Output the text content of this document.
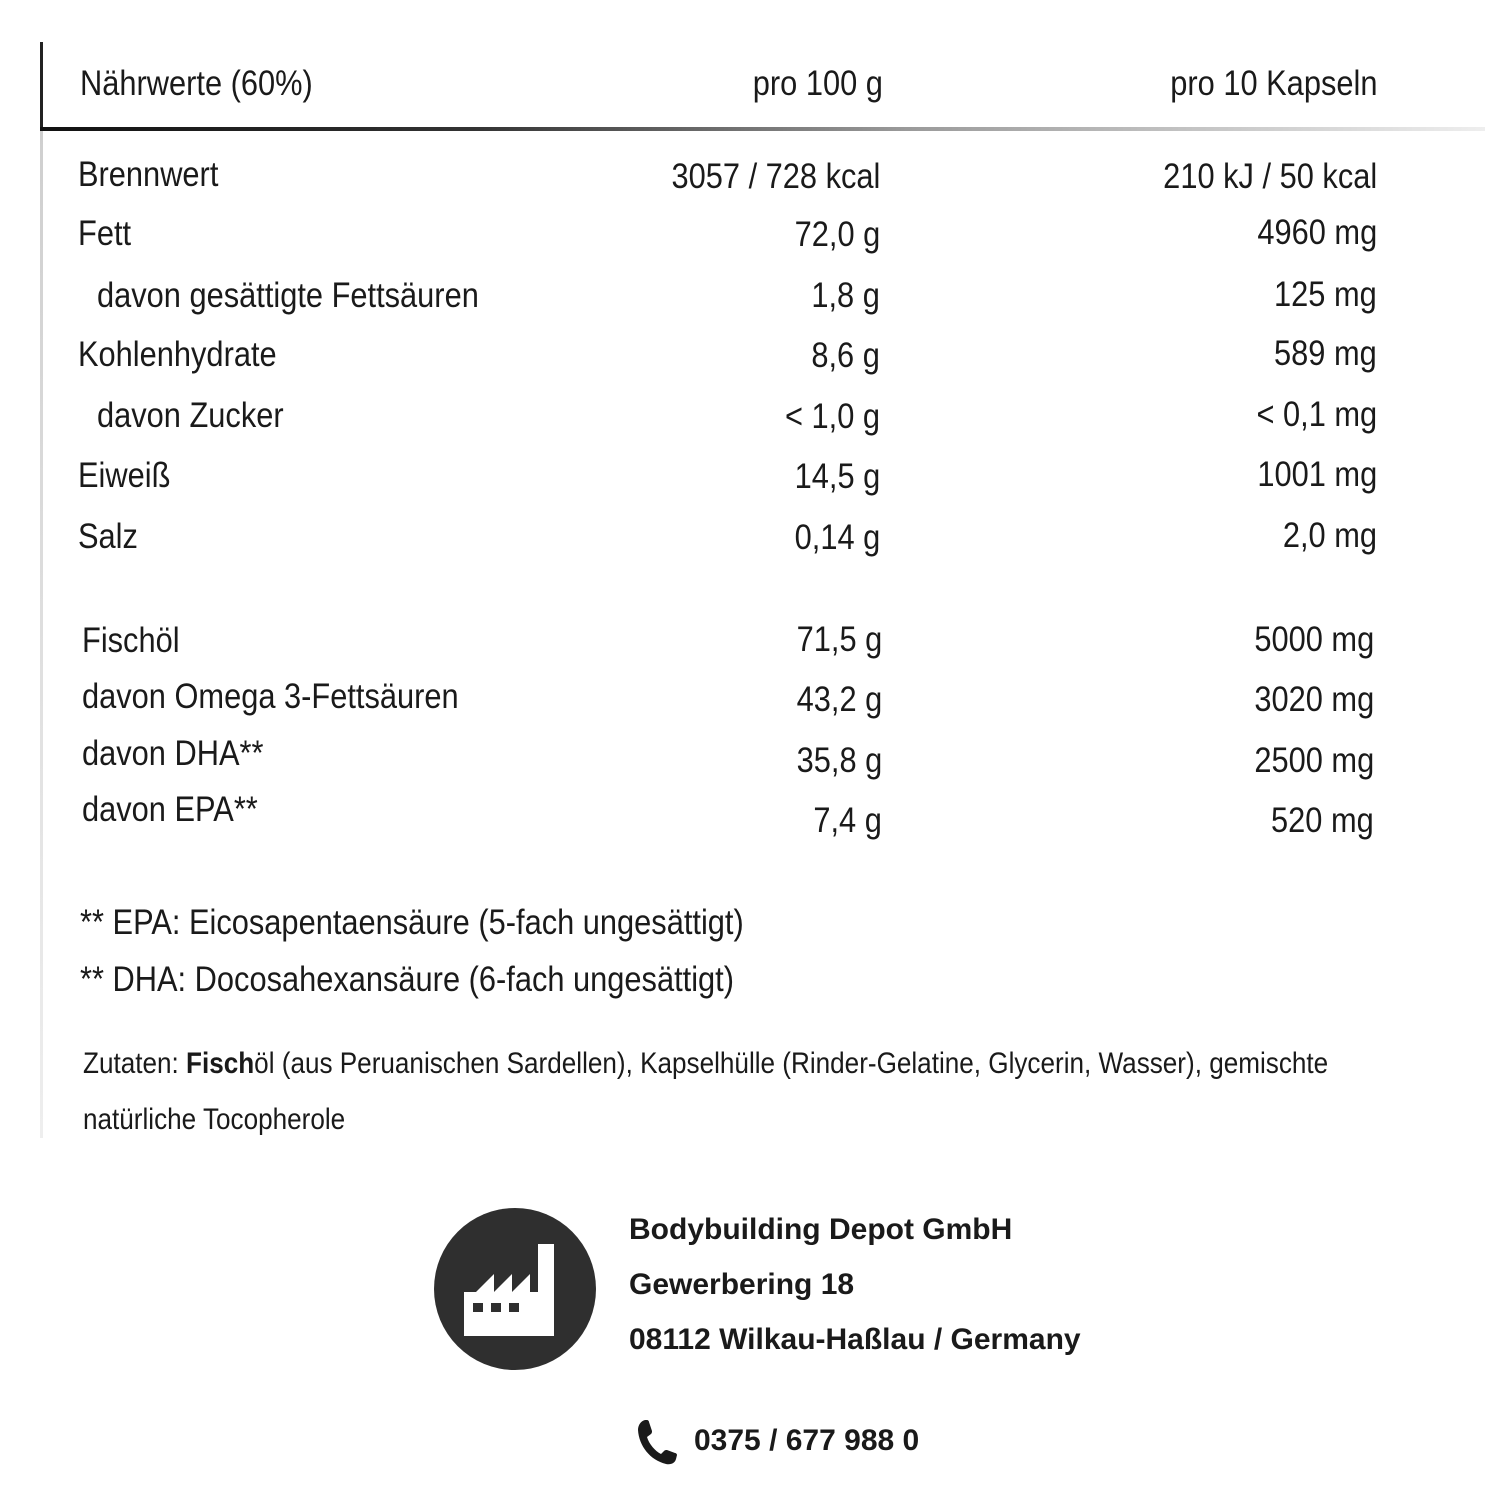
Nährwerte (60%)	pro 100 g	pro 10 Kapseln
Brennwert	3057 / 728 kcal	210 kJ / 50 kcal
Fett	72,0 g	4960 mg
davon gesättigte Fettsäuren	1,8 g	125 mg
Kohlenhydrate	8,6 g	589 mg
davon Zucker	< 1,0 g	< 0,1 mg
Eiweiß	14,5 g	1001 mg
Salz	0,14 g	2,0 mg
Fischöl	71,5 g	5000 mg
davon Omega 3-Fettsäuren	43,2 g	3020 mg
davon DHA**	35,8 g	2500 mg
davon EPA**	7,4 g	520 mg
** EPA: Eicosapentaensäure (5-fach ungesättigt)
** DHA: Docosahexansäure (6-fach ungesättigt)
Zutaten: Fischöl (aus Peruanischen Sardellen), Kapselhülle (Rinder-Gelatine, Glycerin, Wasser), gemischte natürliche Tocopherole
Bodybuilding Depot GmbH
Gewerbering 18
08112 Wilkau-Haßlau / Germany
0375 / 677 988 0
